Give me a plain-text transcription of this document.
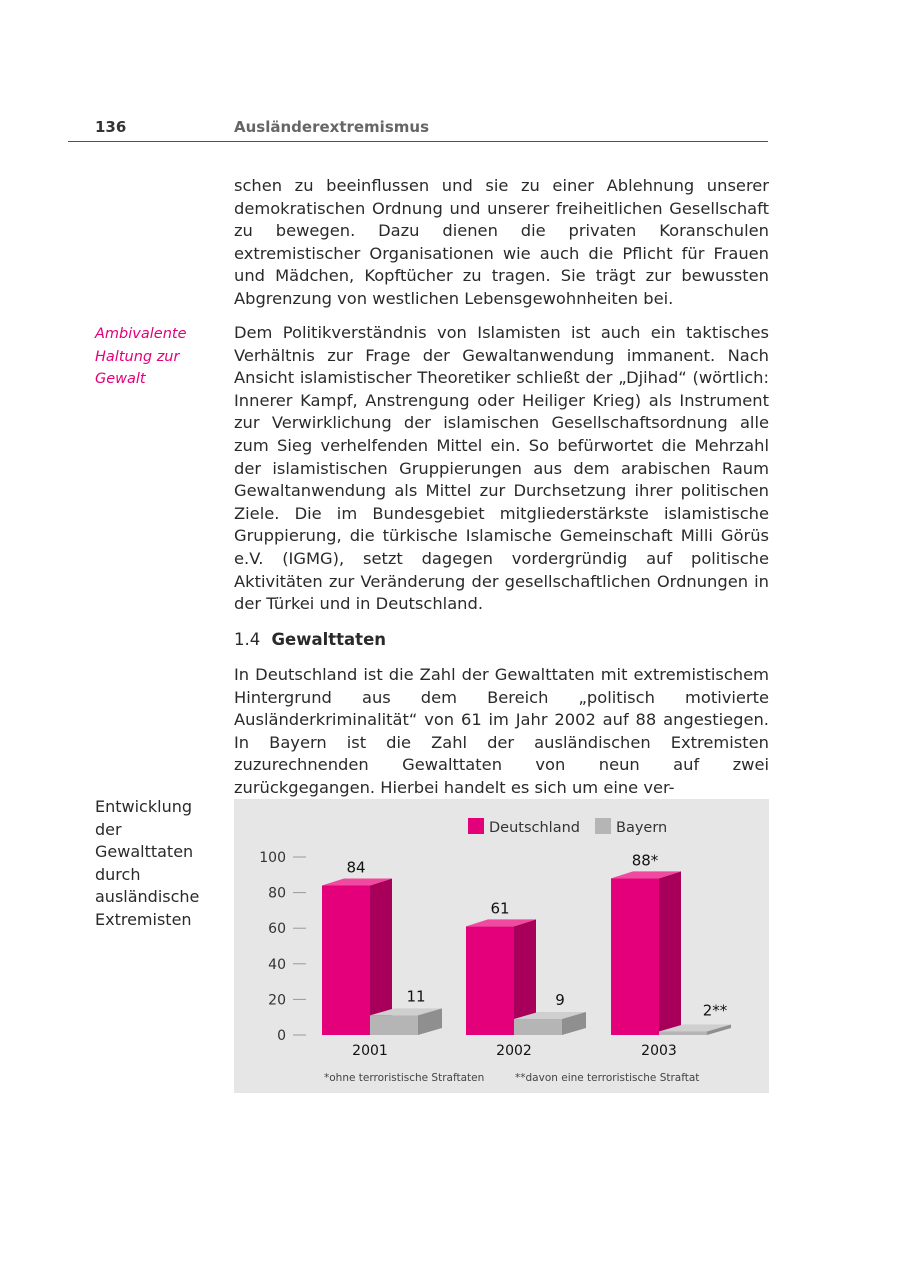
136	Ausländerextremismus

schen zu beeinflussen und sie zu einer Ablehnung unserer demokratischen Ordnung und unserer freiheitlichen Gesellschaft zu bewegen. Dazu dienen die privaten Koranschulen extremistischer Organisationen wie auch die Pflicht für Frauen und Mädchen, Kopftücher zu tragen. Sie trägt zur bewussten Abgrenzung von westlichen Lebensgewohnheiten bei.

Ambivalente Haltung zur Gewalt

Dem Politikverständnis von Islamisten ist auch ein taktisches Verhältnis zur Frage der Gewaltanwendung immanent. Nach Ansicht islamistischer Theoretiker schließt der „Djihad“ (wörtlich: Innerer Kampf, Anstrengung oder Heiliger Krieg) als Instrument zur Verwirklichung der islamischen Gesellschaftsordnung alle zum Sieg verhelfenden Mittel ein. So befürwortet die Mehrzahl der islamistischen Gruppierungen aus dem arabischen Raum Gewaltanwendung als Mittel zur Durchsetzung ihrer politischen Ziele. Die im Bundesgebiet mitgliederstärkste islamistische Gruppierung, die türkische Islamische Gemeinschaft Milli Görüs e.V. (IGMG), setzt dagegen vordergründig auf politische Aktivitäten zur Veränderung der gesellschaftlichen Ordnungen in der Türkei und in Deutschland.

1.4 Gewalttaten

In Deutschland ist die Zahl der Gewalttaten mit extremistischem Hintergrund aus dem Bereich „politisch motivierte Ausländerkriminalität“ von 61 im Jahr 2002 auf 88 angestiegen. In Bayern ist die Zahl der ausländischen Extremisten zuzurechnenden Gewalttaten von neun auf zwei zurückgegangen. Hierbei handelt es sich um eine ver-

Entwicklung der Gewalttaten durch ausländische Extremisten
0
20
40
60
80
100
Deutschland Bayern
84
11
2001
61
9
2002
88*
2**
2003
*ohne terroristische Straftaten	**davon eine terroristische Straftat
